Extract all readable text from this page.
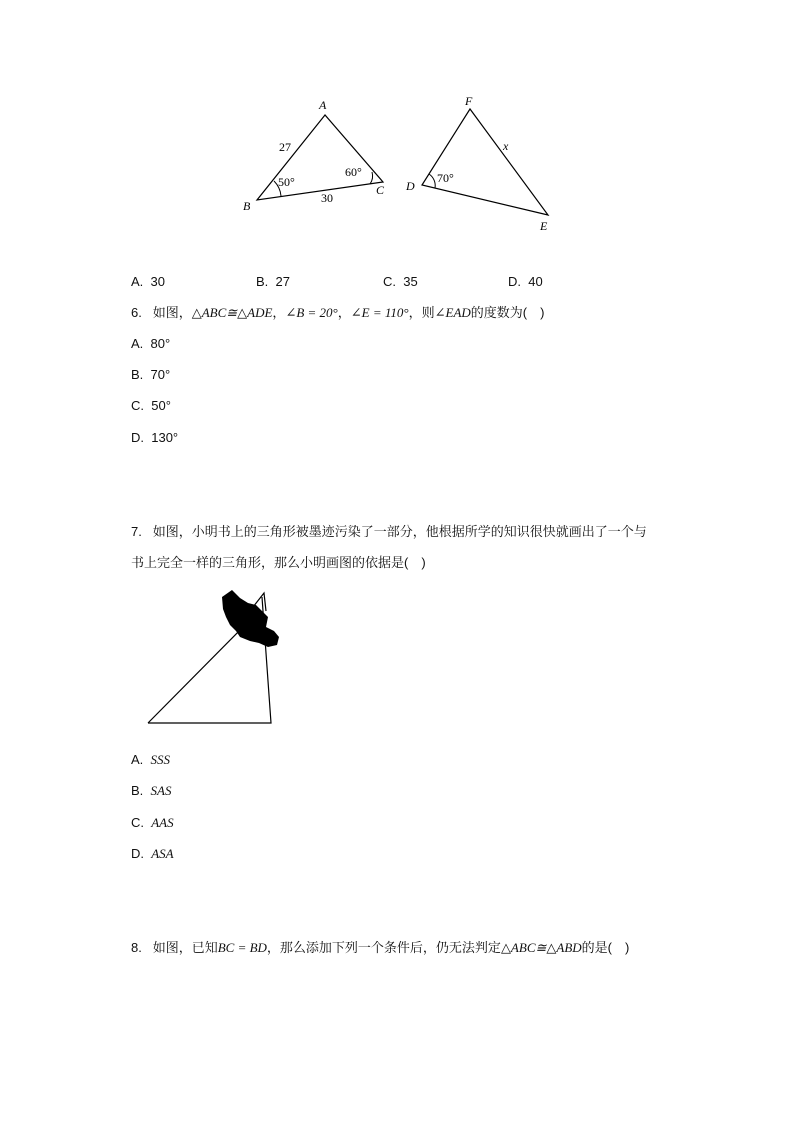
A
B
C
27
30
50°
60°
F
D
E
x
70°
A. 30	B. 27	C. 35	D. 40
6. 如图，△ABC≅△ADE，∠B = 20°，∠E = 110°，则∠EAD的度数为(　)
A. 80°
B. 70°
C. 50°
D. 130°
7. 如图，小明书上的三角形被墨迹污染了一部分，他根据所学的知识很快就画出了一个与
书上完全一样的三角形，那么小明画图的依据是(　)
A. SSS
B. SAS
C. AAS
D. ASA
8. 如图，已知BC = BD，那么添加下列一个条件后，仍无法判定△ABC≅△ABD的是(　)
